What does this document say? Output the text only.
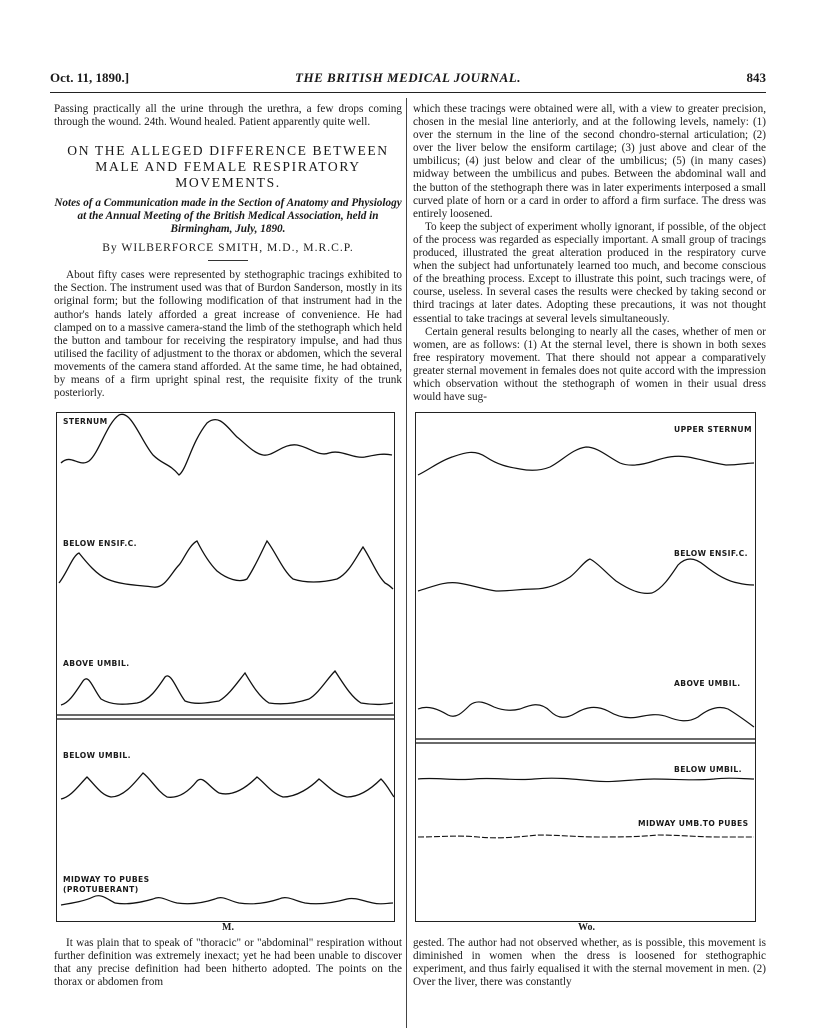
Oct. 11, 1890.]	THE BRITISH MEDICAL JOURNAL.	843

Passing practically all the urine through the urethra, a few drops coming through the wound. 24th. Wound healed. Patient apparently quite well.

ON THE ALLEGED DIFFERENCE BETWEEN MALE AND FEMALE RESPIRATORY MOVEMENTS.
Notes of a Communication made in the Section of Anatomy and Physiology at the Annual Meeting of the British Medical Association, held in Birmingham, July, 1890.
By WILBERFORCE SMITH, M.D., M.R.C.P.

About fifty cases were represented by stethographic tracings exhibited to the Section. The instrument used was that of Burdon Sanderson, mostly in its original form; but the following modification of that instrument had in the author's hands lately afforded a great increase of convenience. He had clamped on to a massive camera-stand the limb of the stethograph which held the button and tambour for receiving the respiratory impulse, and had thus utilised the facility of adjustment to the thorax or abdomen, which the several movements of the camera stand afforded. At the same time, he had obtained, by means of a firm upright spinal rest, the requisite fixity of the trunk posteriorly.

which these tracings were obtained were all, with a view to greater precision, chosen in the mesial line anteriorly, and at the following levels, namely: (1) over the sternum in the line of the second chondro-sternal articulation; (2) over the liver below the ensiform cartilage; (3) just above and clear of the umbilicus; (4) just below and clear of the umbilicus; (5) (in many cases) midway between the umbilicus and pubes. Between the abdominal wall and the button of the stethograph there was in later experiments interposed a small curved plate of horn or a card in order to afford a firm surface. The dress was entirely loosened.

To keep the subject of experiment wholly ignorant, if possible, of the object of the process was regarded as especially important. A small group of tracings produced, illustrated the great alteration produced in the respiratory curve when the subject had unfortunately learned too much, and become conscious of the breathing process. Except to illustrate this point, such tracings were, of course, useless. In several cases the results were checked by taking second or third tracings at later dates. Adopting these precautions, it was not thought essential to take tracings at several levels simultaneously.

Certain general results belonging to nearly all the cases, whether of men or women, are as follows: (1) At the sternal level, there is shown in both sexes free respiratory movement. That there should not appear a comparatively greater sternal movement in females does not quite accord with the impression which observation without the stethograph of women in their usual dress would have sug-

STERNUM
BELOW ENSIF.C.
ABOVE UMBIL.
BELOW UMBIL.
MIDWAY TO PUBES
(PROTUBERANT)
M.
UPPER STERNUM
BELOW ENSIF.C.
ABOVE UMBIL.
BELOW UMBIL.
MIDWAY UMB.TO PUBES
Wo.

It was plain that to speak of "thoracic" or "abdominal" respiration without further definition was extremely inexact; yet he had been unable to discover that any precise definition had been hitherto adopted. The points on the thorax or abdomen from

gested. The author had not observed whether, as is possible, this movement is diminished in women when the dress is loosened for stethographic experiment, and thus fairly equalised it with the sternal movement in men. (2) Over the liver, there was constantly
